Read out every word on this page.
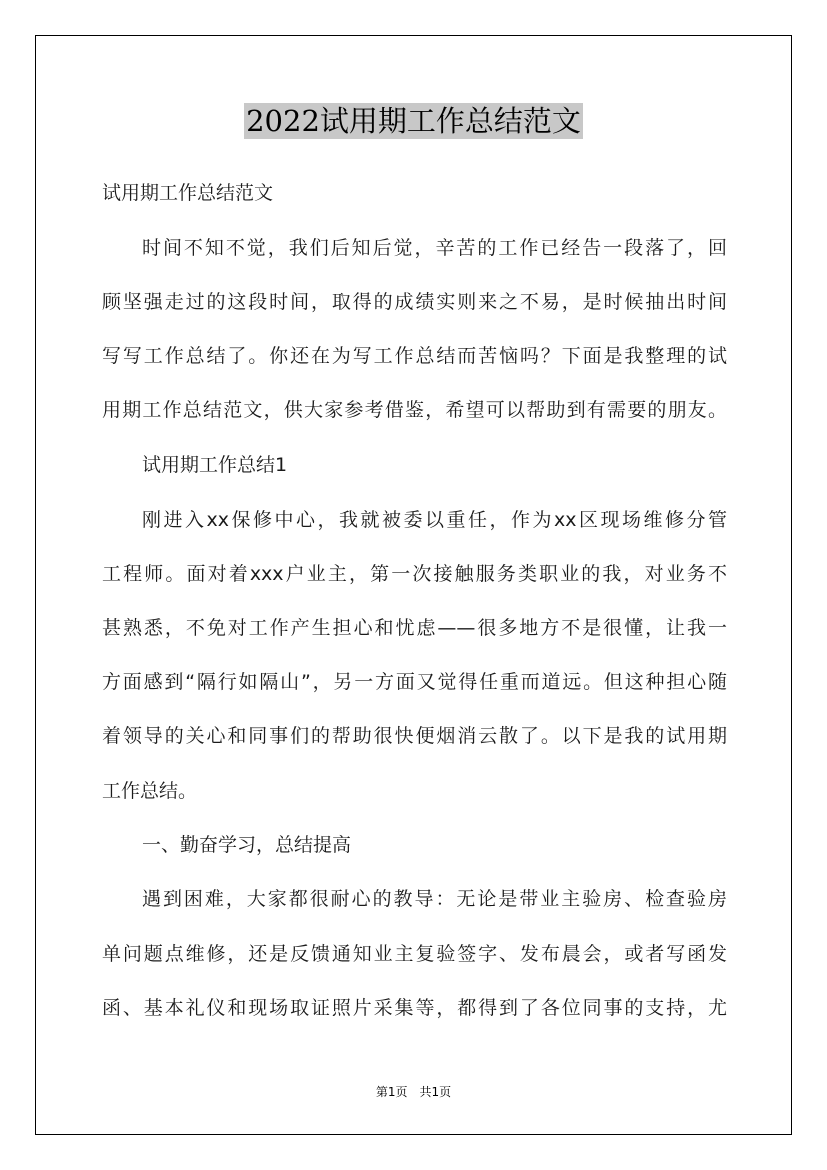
2022试用期工作总结范文
试用期工作总结范文
时间不知不觉，我们后知后觉，辛苦的工作已经告一段落了，回
顾坚强走过的这段时间，取得的成绩实则来之不易，是时候抽出时间
写写工作总结了。你还在为写工作总结而苦恼吗？下面是我整理的试
用期工作总结范文，供大家参考借鉴，希望可以帮助到有需要的朋友。
试用期工作总结1
刚进入xx保修中心，我就被委以重任，作为xx区现场维修分管
工程师。面对着xxx户业主，第一次接触服务类职业的我，对业务不
甚熟悉，不免对工作产生担心和忧虑——很多地方不是很懂，让我一
方面感到“隔行如隔山”，另一方面又觉得任重而道远。但这种担心随
着领导的关心和同事们的帮助很快便烟消云散了。以下是我的试用期
工作总结。
一、勤奋学习，总结提高
遇到困难，大家都很耐心的教导：无论是带业主验房、检查验房
单问题点维修，还是反馈通知业主复验签字、发布晨会，或者写函发
函、基本礼仪和现场取证照片采集等，都得到了各位同事的支持，尤
第1页　共1页
